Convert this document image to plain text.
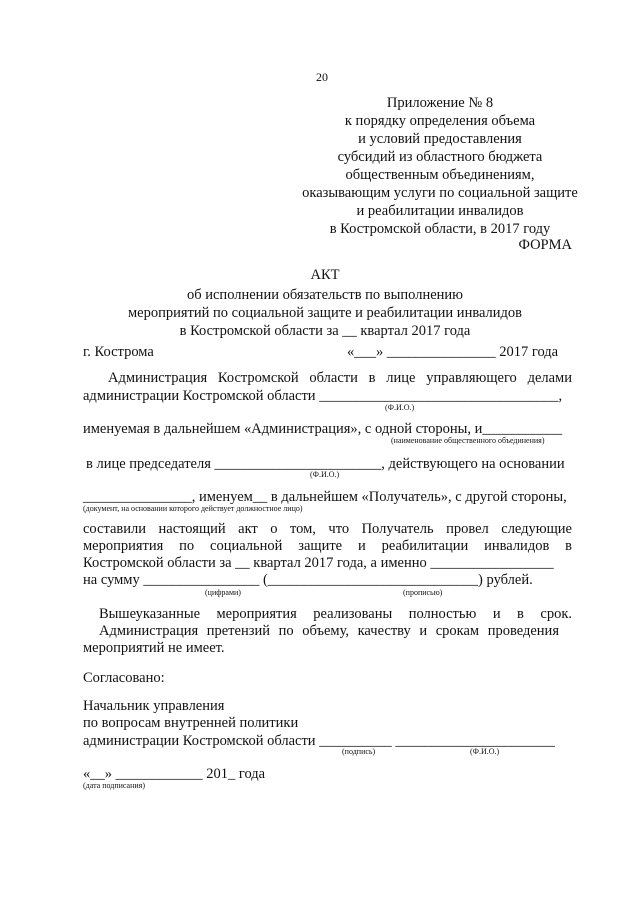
20
Приложение № 8
к порядку определения объема
и условий предоставления
субсидий из областного бюджета
общественным объединениям,
оказывающим услуги по социальной защите
и реабилитации инвалидов
в Костромской области, в 2017 году
ФОРМА
АКТ
об исполнении обязательств по выполнению
мероприятий по социальной защите и реабилитации инвалидов
в Костромской области за __ квартал 2017 года
г. Кострома	«___» _______________ 2017 года
Администрация Костромской области в лице управляющего делами
администрации Костромской области _________________________________,
(Ф.И.О.)
именуемая в дальнейшем «Администрация», с одной стороны, и___________
(наименование общественного объединения)
в лице председателя _______________________, действующего на основании
(Ф.И.О.)
_______________, именуем__ в дальнейшем «Получатель», с другой стороны,
(документ, на основании которого действует должностное лицо)
составили настоящий акт о том, что Получатель провел следующие
мероприятия по социальной защите и реабилитации инвалидов в
Костромской области за __ квартал 2017 года, а именно _________________
на сумму ________________ (_____________________________) рублей.
(цифрами)	(прописью)
Вышеуказанные мероприятия реализованы полностью и в срок.
Администрация претензий по объему, качеству и срокам проведения
мероприятий не имеет.
Согласовано:
Начальник управления
по вопросам внутренней политики
администрации Костромской области __________ ______________________
(подпись)	(Ф.И.О.)
«__» ____________ 201_ года
(дата подписания)
